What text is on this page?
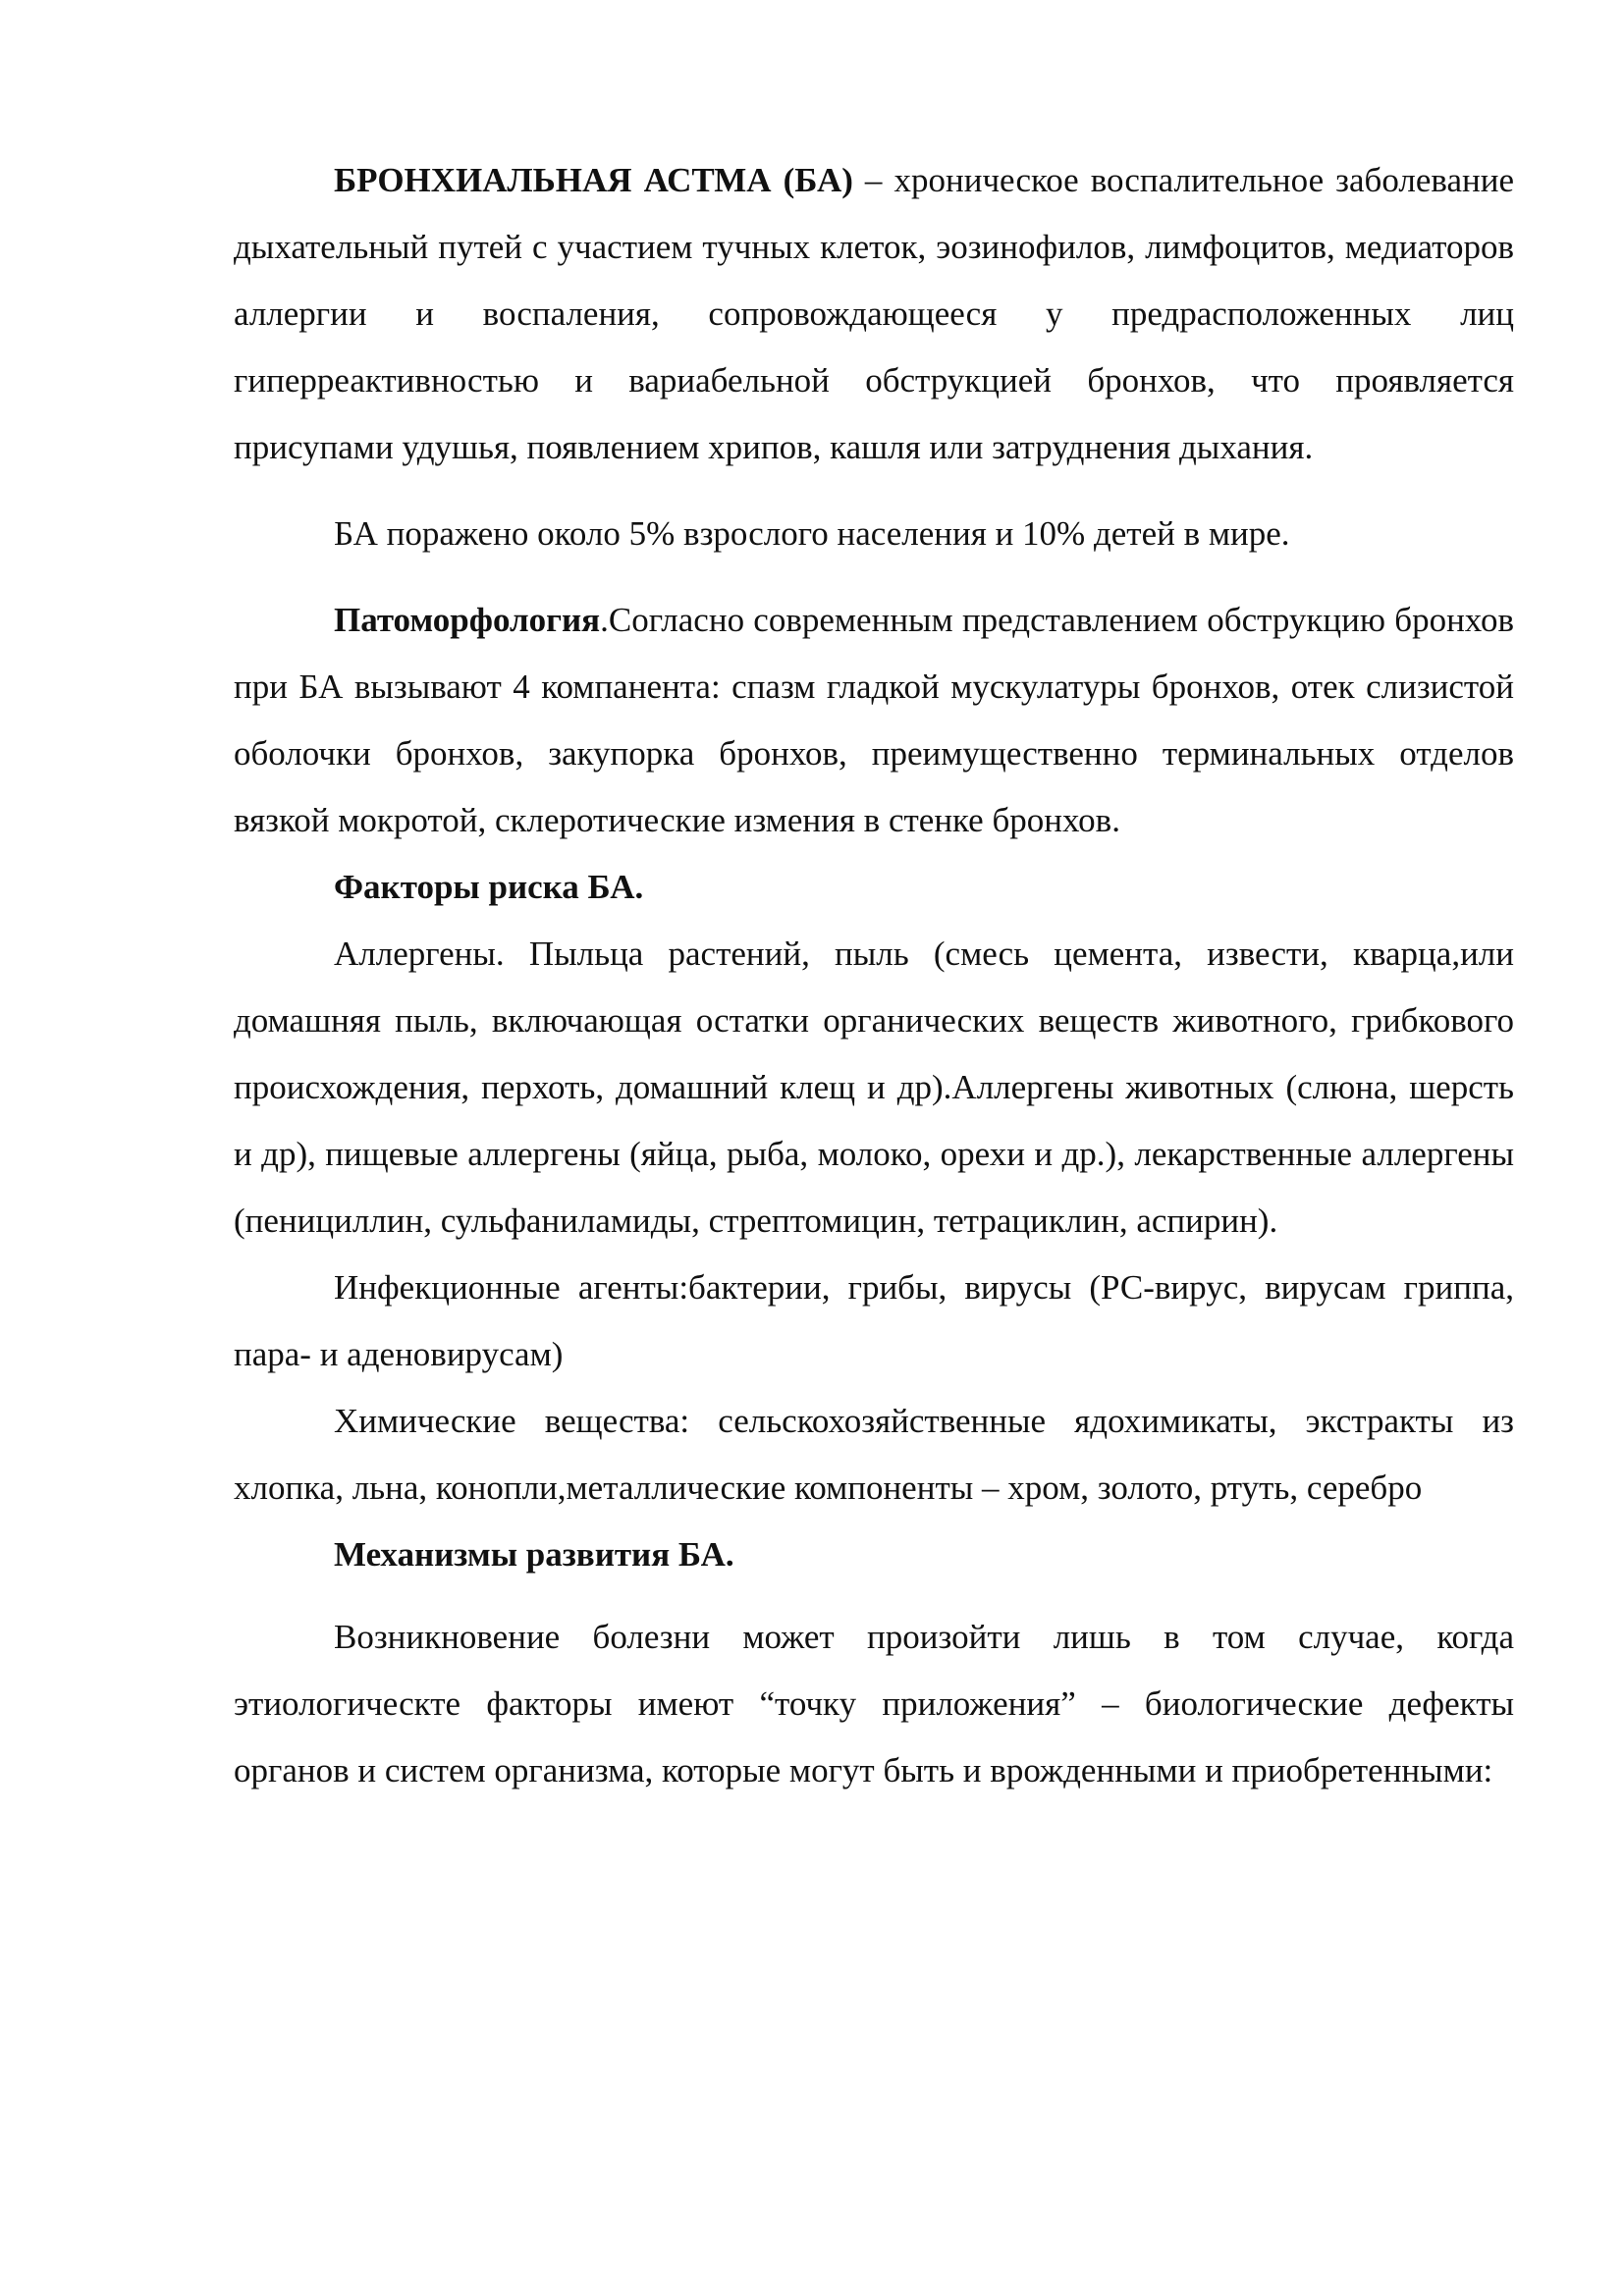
БРОНХИАЛЬНАЯ АСТМА (БА) – хроническое воспалительное заболевание дыхательный путей с участием тучных клеток, эозинофилов, лимфоцитов, медиаторов аллергии и воспаления, сопровождающееся у предрасположенных лиц гиперреактивностью и вариабельной обструкцией бронхов, что проявляется присупами удушья, появлением хрипов, кашля или затруднения дыхания.

БА поражено около 5% взрослого населения и 10% детей в мире.

Патоморфология.Согласно современным представлением обструкцию бронхов при БА вызывают 4 компанента: спазм гладкой мускулатуры бронхов, отек слизистой оболочки бронхов, закупорка бронхов, преимущественно терминальных отделов вязкой мокротой, склеротические измения в стенке бронхов.

Факторы риска БА.

Аллергены. Пыльца растений, пыль (смесь цемента, извести, кварца,или домашняя пыль, включающая остатки органических веществ животного, грибкового происхождения, перхоть, домашний клещ и др).Аллергены животных (слюна, шерсть и др), пищевые аллергены (яйца, рыба, молоко, орехи и др.), лекарственные аллергены (пенициллин, сульфаниламиды, стрептомицин, тетрациклин, аспирин).

Инфекционные агенты:бактерии, грибы, вирусы (РС-вирус, вирусам гриппа, пара- и аденовирусам)

Химические вещества: сельскохозяйственные ядохимикаты, экстракты из хлопка, льна, конопли,металлические компоненты – хром, золото, ртуть, серебро

Механизмы развития БА.

Возникновение болезни может произойти лишь в том случае, когда этиологическте факторы имеют “точку приложения” – биологические дефекты органов и систем организма, которые могут быть и врожденными и приобретенными:
